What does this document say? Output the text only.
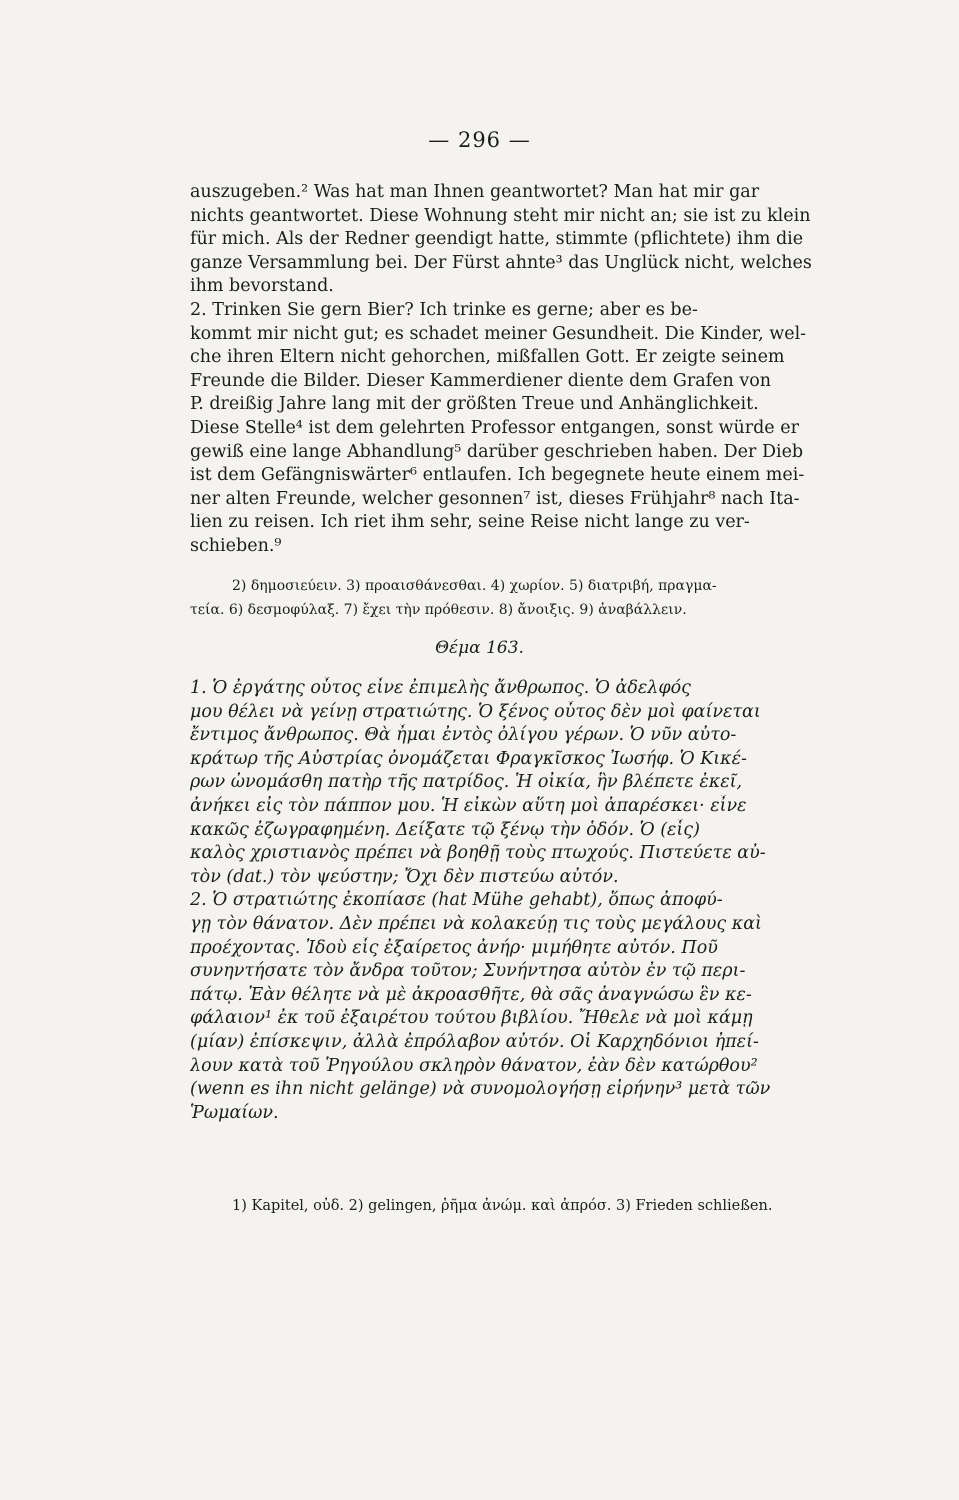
— 296 —
auszugeben.² Was hat man Ihnen geantwortet? Man hat mir gar
nichts geantwortet. Diese Wohnung steht mir nicht an; sie ist zu klein
für mich. Als der Redner geendigt hatte, stimmte (pflichtete) ihm die
ganze Versammlung bei. Der Fürst ahnte³ das Unglück nicht, welches
ihm bevorstand.
2. Trinken Sie gern Bier? Ich trinke es gerne; aber es be-
kommt mir nicht gut; es schadet meiner Gesundheit. Die Kinder, wel-
che ihren Eltern nicht gehorchen, mißfallen Gott. Er zeigte seinem
Freunde die Bilder. Dieser Kammerdiener diente dem Grafen von
P. dreißig Jahre lang mit der größten Treue und Anhänglichkeit.
Diese Stelle⁴ ist dem gelehrten Professor entgangen, sonst würde er
gewiß eine lange Abhandlung⁵ darüber geschrieben haben. Der Dieb
ist dem Gefängniswärter⁶ entlaufen. Ich begegnete heute einem mei-
ner alten Freunde, welcher gesonnen⁷ ist, dieses Frühjahr⁸ nach Ita-
lien zu reisen. Ich riet ihm sehr, seine Reise nicht lange zu ver-
schieben.⁹
2) δημοσιεύειν. 3) προαισθάνεσθαι. 4) χωρίον. 5) διατριβή, πραγμα-
τεία. 6) δεσμοφύλαξ. 7) ἔχει τὴν πρόθεσιν. 8) ἄνοιξις. 9) ἀναβάλλειν.
Θέμα 163.
1. Ὁ ἐργάτης οὗτος εἶνε ἐπιμελὴς ἄνθρωπος. Ὁ ἀδελφός
μου θέλει νὰ γείνῃ στρατιώτης. Ὁ ξένος οὗτος δὲν μοὶ φαίνεται
ἔντιμος ἄνθρωπος. Θὰ ἦμαι ἐντὸς ὀλίγου γέρων. Ὁ νῦν αὐτο-
κράτωρ τῆς Αὐστρίας ὀνομάζεται Φραγκῖσκος Ἰωσήφ. Ὁ Κικέ-
ρων ὠνομάσθη πατὴρ τῆς πατρίδος. Ἡ οἰκία, ἣν βλέπετε ἐκεῖ,
ἀνήκει εἰς τὸν πάππον μου. Ἡ εἰκὼν αὕτη μοὶ ἀπαρέσκει· εἶνε
κακῶς ἐζωγραφημένη. Δείξατε τῷ ξένῳ τὴν ὁδόν. Ὁ (εἷς)
καλὸς χριστιανὸς πρέπει νὰ βοηθῇ τοὺς πτωχούς. Πιστεύετε αὐ-
τὸν (dat.) τὸν ψεύστην; Ὄχι δὲν πιστεύω αὐτόν.
2. Ὁ στρατιώτης ἐκοπίασε (hat Mühe gehabt), ὅπως ἀποφύ-
γῃ τὸν θάνατον. Δὲν πρέπει νὰ κολακεύῃ τις τοὺς μεγάλους καὶ
προέχοντας. Ἰδοὺ εἷς ἐξαίρετος ἀνήρ· μιμήθητε αὐτόν. Ποῦ
συνηντήσατε τὸν ἄνδρα τοῦτον; Συνήντησα αὐτὸν ἐν τῷ περι-
πάτῳ. Ἐὰν θέλητε νὰ μὲ ἀκροασθῆτε, θὰ σᾶς ἀναγνώσω ἓν κε-
φάλαιον¹ ἐκ τοῦ ἐξαιρέτου τούτου βιβλίου. Ἤθελε νὰ μοὶ κάμῃ
(μίαν) ἐπίσκεψιν, ἀλλὰ ἐπρόλαβον αὐτόν. Οἱ Καρχηδόνιοι ἠπεί-
λουν κατὰ τοῦ Ῥηγούλου σκληρὸν θάνατον, ἐὰν δὲν κατώρθου²
(wenn es ihn nicht gelänge) νὰ συνομολογήσῃ εἰρήνην³ μετὰ τῶν
Ῥωμαίων.
1) Kapitel, οὐδ. 2) gelingen, ῥῆμα ἀνώμ. καὶ ἀπρόσ. 3) Frieden schließen.
